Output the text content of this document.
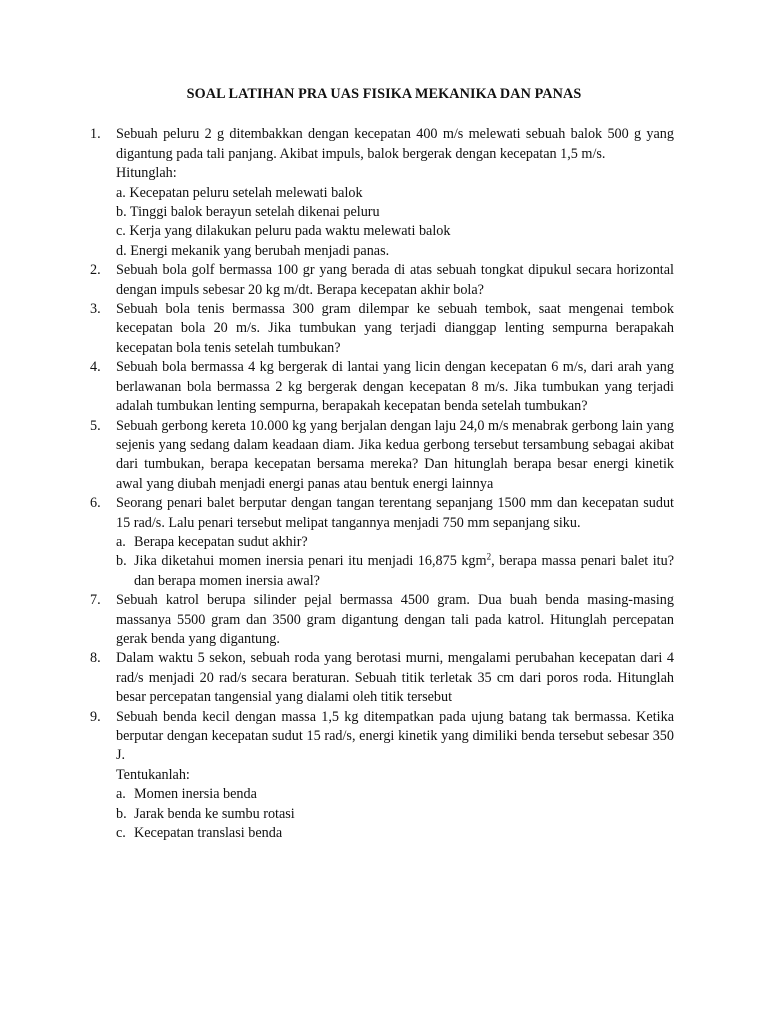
SOAL LATIHAN PRA UAS FISIKA MEKANIKA DAN PANAS
1. Sebuah peluru 2 g ditembakkan dengan kecepatan 400 m/s melewati sebuah balok 500 g yang digantung pada tali panjang. Akibat impuls, balok bergerak dengan kecepatan 1,5 m/s.
Hitunglah:
a. Kecepatan peluru setelah melewati balok
b. Tinggi balok berayun setelah dikenai peluru
c. Kerja yang dilakukan peluru pada waktu melewati balok
d. Energi mekanik yang berubah menjadi panas.
2. Sebuah bola golf bermassa 100 gr yang berada di atas sebuah tongkat dipukul secara horizontal dengan impuls sebesar 20 kg m/dt. Berapa kecepatan akhir bola?
3. Sebuah bola tenis bermassa 300 gram dilempar ke sebuah tembok, saat mengenai tembok kecepatan bola 20 m/s. Jika tumbukan yang terjadi dianggap lenting sempurna berapakah kecepatan bola tenis setelah tumbukan?
4. Sebuah bola bermassa 4 kg bergerak di lantai yang licin dengan kecepatan 6 m/s, dari arah yang berlawanan bola bermassa 2 kg bergerak dengan kecepatan 8 m/s. Jika tumbukan yang terjadi adalah tumbukan lenting sempurna, berapakah kecepatan benda setelah tumbukan?
5. Sebuah gerbong kereta 10.000 kg yang berjalan dengan laju 24,0 m/s menabrak gerbong lain yang sejenis yang sedang dalam keadaan diam. Jika kedua gerbong tersebut tersambung sebagai akibat dari tumbukan, berapa kecepatan bersama mereka? Dan hitunglah berapa besar energi kinetik awal yang diubah menjadi energi panas atau bentuk energi lainnya
6. Seorang penari balet berputar dengan tangan terentang sepanjang 1500 mm dan kecepatan sudut 15 rad/s. Lalu penari tersebut melipat tangannya menjadi 750 mm sepanjang siku.
a. Berapa kecepatan sudut akhir?
b. Jika diketahui momen inersia penari itu menjadi 16,875 kgm$^2$, berapa massa penari balet itu? dan berapa momen inersia awal?
7. Sebuah katrol berupa silinder pejal bermassa 4500 gram. Dua buah benda masing-masing massanya 5500 gram dan 3500 gram digantung dengan tali pada katrol. Hitunglah percepatan gerak benda yang digantung.
8. Dalam waktu 5 sekon, sebuah roda yang berotasi murni, mengalami perubahan kecepatan dari 4 rad/s menjadi 20 rad/s secara beraturan. Sebuah titik terletak 35 cm dari poros roda. Hitunglah besar percepatan tangensial yang dialami oleh titik tersebut
9. Sebuah benda kecil dengan massa 1,5 kg ditempatkan pada ujung batang tak bermassa. Ketika berputar dengan kecepatan sudut 15 rad/s, energi kinetik yang dimiliki benda tersebut sebesar 350 J.
Tentukanlah:
a. Momen inersia benda
b. Jarak benda ke sumbu rotasi
c. Kecepatan translasi benda
